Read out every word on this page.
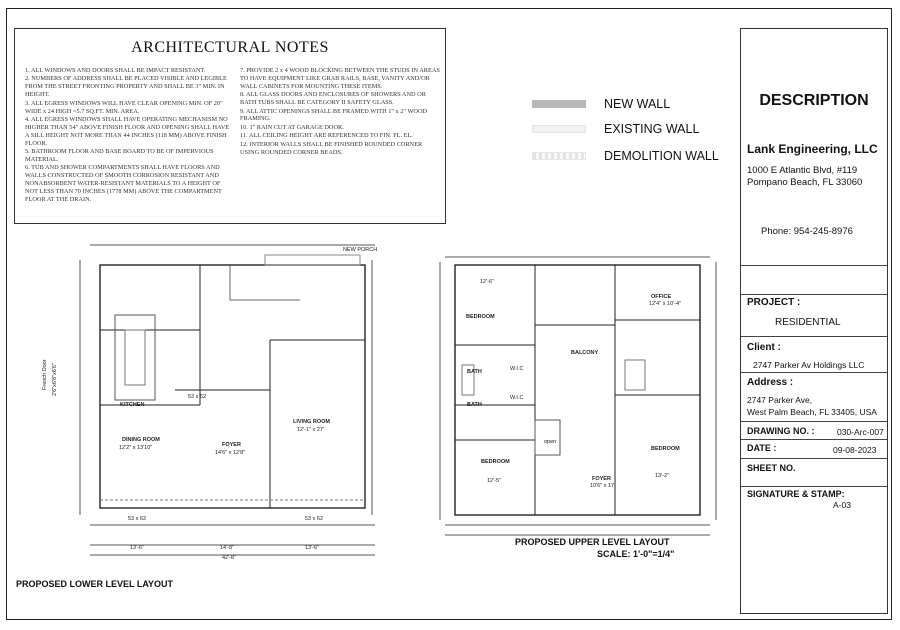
ARCHITECTURAL NOTES

1. ALL WINDOWS AND DOORS SHALL BE IMPACT RESISTANT.

2. NUMBERS OF ADDRESS SHALL BE PLACED VISIBLE AND LEGIBLE FROM THE STREET FRONTING PROPERTY AND SHALL BE 3" MIN. IN HEIGHT.

3. ALL EGRESS WINDOWS WILL HAVE CLEAR OPENING MIN. OF 20" WIDE x 24 HIGH =5.7 SQ.FT. MIN. AREA.

4. ALL EGRESS WINDOWS SHALL HAVE OPERATING MECHANISM NO HIGHER THAN 54" ABOVE FINISH FLOOR AND OPENING SHALL HAVE A SILL HEIGHT NOT MORE THAN 44 INCHES (118 MM) ABOVE FINISH FLOOR.

5. BATHROOM FLOOR AND BASE BOARD TO BE OF IMPERVIOUS MATERIAL.

6. TUB AND SHOWER COMPARTMENTS SHALL HAVE FLOORS AND WALLS CONSTRUCTED OF SMOOTH CORROSION RESISTANT AND NONABSORBENT WATER-RESISTANT MATERIALS TO A HEIGHT OF NOT LESS THAN 70 INCHES (1778 MM) ABOVE THE COMPARTMENT FLOOR AT THE DRAIN.

7. PROVIDE 2 x 4 WOOD BLOCKING BETWEEN THE STUDS IN AREAS TO HAVE EQUIPMENT LIKE GRAB RAILS, BASE, VANITY AND/OR WALL CABINETS FOR MOUNTING THESE ITEMS.

8. ALL GLASS DOORS AND ENCLOSURES OF SHOWERS AND OR BATH TUBS SHALL BE CATEGORY II SAFETY GLASS.

9. ALL ATTIC OPENINGS SHALL BE FRAMED WITH 1" x 2" WOOD FRAMING.

10. 1" RAIN CUT AT GARAGE DOOR.

11. ALL CEILING HEIGHT ARE REFERENCED TO FIN. FL. EL.

12. INTERIOR WALLS SHALL BE FINISHED ROUNDED CORNER USING ROUNDED CORNER BEADS.

NEW WALL
EXISTING WALL
DEMOLITION WALL
DESCRIPTION
Lank Engineering, LLC
1000 E Atlantic Blvd, #119
Pompano Beach, FL 33060
Phone: 954-245-8976
PROJECT :
RESIDENTIAL
Client :
2747 Parker Av Holdings LLC
Address :
2747 Parker Ave,
West Palm Beach, FL 33405, USA
DRAWING NO. :	030-Arc-007
DATE :	09-08-2023
SHEET NO.
A-03
SIGNATURE & STAMP:
NEW PORCH
KITCHEN
DINING ROOM
12'2" x 13'10"	FOYER
14'6" x 12'8"
LIVING ROOM
12'-1" x 27'
53 x 62
53 x 62	53 x 62
French Door 2'6"x6'8"x6'6"
13'-6"	14'-8"	13'-6"
42'-8"
BEDROOM
12'-6"
OFFICE
12'4" x 10'-4"
BALCONY
BATH
BATH
W.I.C
W.I.C
open
BEDROOM
12'-5"	FOYER
10'6" x 17'
BEDROOM
13'-2"
PROPOSED LOWER LEVEL LAYOUT
PROPOSED UPPER LEVEL LAYOUT
SCALE: 1'-0"=1/4"
